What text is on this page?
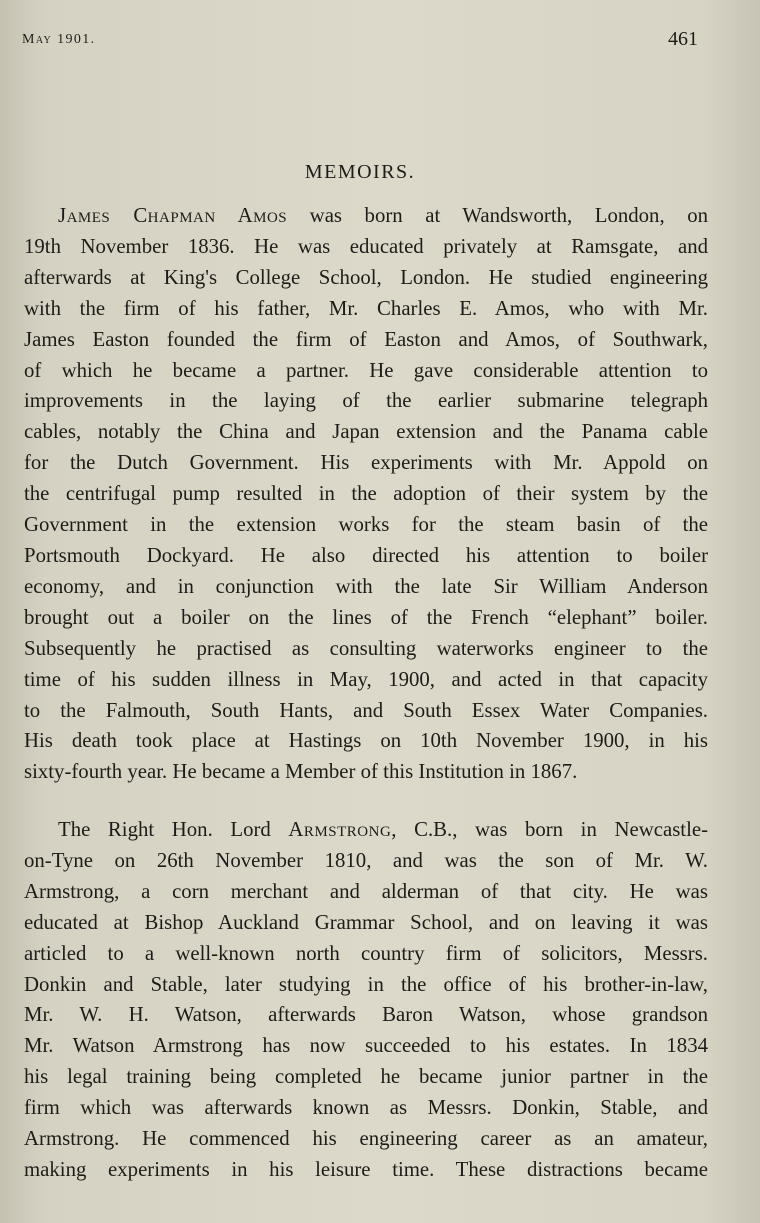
May 1901.	461
MEMOIRS.
James Chapman Amos was born at Wandsworth, London, on
19th November 1836. He was educated privately at Ramsgate, and
afterwards at King's College School, London. He studied engineering
with the firm of his father, Mr. Charles E. Amos, who with Mr.
James Easton founded the firm of Easton and Amos, of Southwark,
of which he became a partner. He gave considerable attention to
improvements in the laying of the earlier submarine telegraph
cables, notably the China and Japan extension and the Panama cable
for the Dutch Government. His experiments with Mr. Appold on
the centrifugal pump resulted in the adoption of their system by the
Government in the extension works for the steam basin of the
Portsmouth Dockyard. He also directed his attention to boiler
economy, and in conjunction with the late Sir William Anderson
brought out a boiler on the lines of the French “elephant” boiler.
Subsequently he practised as consulting waterworks engineer to the
time of his sudden illness in May, 1900, and acted in that capacity
to the Falmouth, South Hants, and South Essex Water Companies.
His death took place at Hastings on 10th November 1900, in his
sixty-fourth year. He became a Member of this Institution in 1867.
The Right Hon. Lord Armstrong, C.B., was born in Newcastle-
on-Tyne on 26th November 1810, and was the son of Mr. W.
Armstrong, a corn merchant and alderman of that city. He was
educated at Bishop Auckland Grammar School, and on leaving it was
articled to a well-known north country firm of solicitors, Messrs.
Donkin and Stable, later studying in the office of his brother-in-law,
Mr. W. H. Watson, afterwards Baron Watson, whose grandson
Mr. Watson Armstrong has now succeeded to his estates. In 1834
his legal training being completed he became junior partner in the
firm which was afterwards known as Messrs. Donkin, Stable, and
Armstrong. He commenced his engineering career as an amateur,
making experiments in his leisure time. These distractions became
